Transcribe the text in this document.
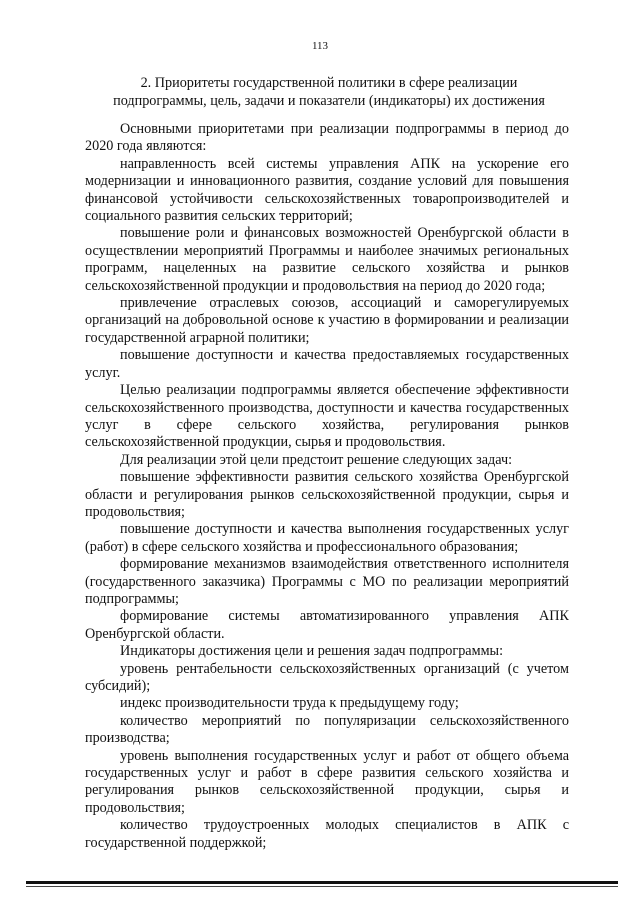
113

2. Приоритеты государственной политики в сфере реализации

подпрограммы, цель, задачи и показатели (индикаторы) их достижения

Основными приоритетами при реализации подпрограммы в период до 2020 года являются:

направленность всей системы управления АПК на ускорение его модернизации и инновационного развития, создание условий для повышения финансовой устойчивости сельскохозяйственных товаропроизводителей и социального развития сельских территорий;

повышение роли и финансовых возможностей Оренбургской области в осуществлении мероприятий Программы и наиболее значимых региональных программ, нацеленных на развитие сельского хозяйства и рынков сельскохозяйственной продукции и продовольствия на период до 2020 года;

привлечение отраслевых союзов, ассоциаций и саморегулируемых организаций на добровольной основе к участию в формировании и реализации государственной аграрной политики;

повышение доступности и качества предоставляемых государственных услуг.

Целью реализации подпрограммы является обеспечение эффективности сельскохозяйственного производства, доступности и качества государственных услуг в сфере сельского хозяйства, регулирования рынков сельскохозяйственной продукции, сырья и продовольствия.

Для реализации этой цели предстоит решение следующих задач:

повышение эффективности развития сельского хозяйства Оренбургской области и регулирования рынков сельскохозяйственной продукции, сырья и продовольствия;

повышение доступности и качества выполнения государственных услуг (работ) в сфере сельского хозяйства и профессионального образования;

формирование механизмов взаимодействия ответственного исполнителя (государственного заказчика) Программы с МО по реализации мероприятий подпрограммы;

формирование системы автоматизированного управления АПК Оренбургской области.

Индикаторы достижения цели и решения задач подпрограммы:

уровень рентабельности сельскохозяйственных организаций (с учетом субсидий);

индекс производительности труда к предыдущему году;

количество мероприятий по популяризации сельскохозяйственного производства;

уровень выполнения государственных услуг и работ от общего объема государственных услуг и работ в сфере развития сельского хозяйства и регулирования рынков сельскохозяйственной продукции, сырья и продовольствия;

количество трудоустроенных молодых специалистов в АПК с государственной поддержкой;
